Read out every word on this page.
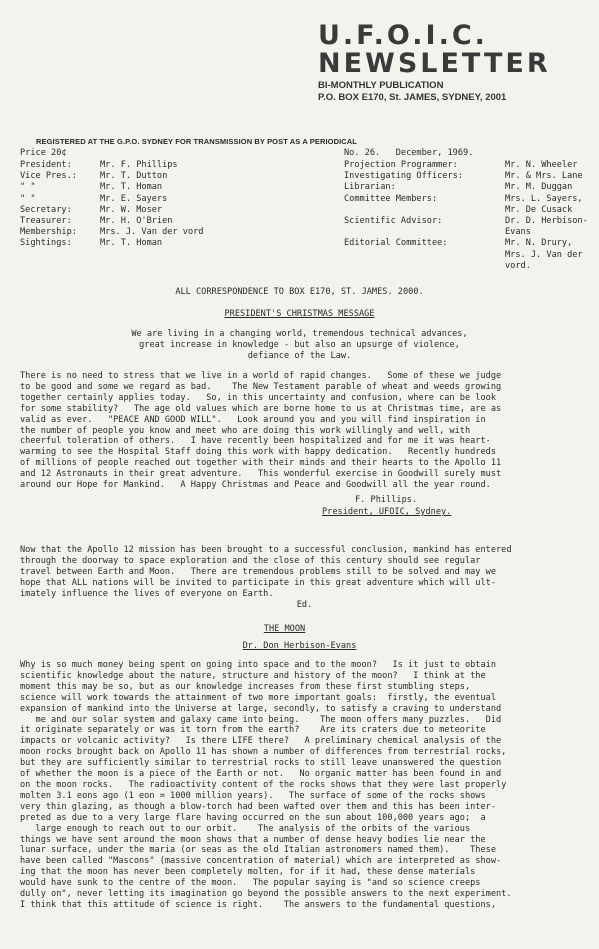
U.F.O.I.C.
NEWSLETTER
BI-MONTHLY PUBLICATION
P.O. BOX E170, St. JAMES, SYDNEY, 2001
REGISTERED AT THE G.P.O. SYDNEY FOR TRANSMISSION BY POST AS A PERIODICAL
Price 20¢	No. 26.   December, 1969.
President:	Mr. F. Phillips
Vice Pres.:	Mr. T. Dutton
" "	Mr. T. Homan
" "	Mr. E. Sayers
Secretary:	Mr. W. Moser
Treasurer:	Mr. H. O'Brien
Membership:	Mrs. J. Van der vord
Sightings:	Mr. T. Homan
Projection Programmer:	Mr. N. Wheeler
Investigating Officers:	Mr. & Mrs. Lane
Librarian:	Mr. M. Duggan
Committee Members:	Mrs. L. Sayers,
Mr. De Cusack
Scientific Advisor:	Dr. D. Herbison-
Evans
Editorial Committee:	Mr. N. Drury,
Mrs. J. Van der
vord.
ALL CORRESPONDENCE TO BOX E170, ST. JAMES. 2000.
PRESIDENT'S CHRISTMAS MESSAGE
We are living in a changing world, tremendous technical advances,
great increase in knowledge - but also an upsurge of violence,
defiance of the Law.
There is no need to stress that we live in a world of rapid changes.   Some of these we judge
to be good and some we regard as bad.    The New Testament parable of wheat and weeds growing
together certainly applies today.   So, in this uncertainty and confusion, where can be look
for some stability?   The age old values which are borne home to us at Christmas time, are as
valid as ever.   "PEACE AND GOOD WILL".   Look around you and you will find inspiration in
the number of people you know and meet who are doing this work willingly and well, with
cheerful toleration of others.   I have recently been hospitalized and for me it was heart-
warming to see the Hospital Staff doing this work with happy dedication.   Recently hundreds
of millions of people reached out together with their minds and their hearts to the Apollo 11
and 12 Astronauts in their great adventure.   This wonderful exercise in Goodwill surely must
around our Hope for Mankind.   A Happy Christmas and Peace and Goodwill all the year round.
F. Phillips.
President, UFOIC, Sydney.
Now that the Apollo 12 mission has been brought to a successful conclusion, mankind has entered
through the doorway to space exploration and the close of this century should see regular
travel between Earth and Moon.   There are tremendous problems still to be solved and may we
hope that ALL nations will be invited to participate in this great adventure which will ult-
imately influence the lives of everyone on Earth.
Ed.
THE MOON
Dr. Don Herbison-Evans
Why is so much money being spent on going into space and to the moon?   Is it just to obtain
scientific knowledge about the nature, structure and history of the moon?   I think at the
moment this may be so, but as our knowledge increases from these first stumbling steps,
science will work towards the attainment of two more important goals:  firstly, the eventual
expansion of mankind into the Universe at large, secondly, to satisfy a craving to understand
me and our solar system and galaxy came into being.    The moon offers many puzzles.   Did
it originate separately or was it torn from the earth?    Are its craters due to meteorite
impacts or volcanic activity?   Is there LIFE there?   A preliminary chemical analysis of the
moon rocks brought back on Apollo 11 has shown a number of differences from terrestrial rocks,
but they are sufficiently similar to terrestrial rocks to still leave unanswered the question
of whether the moon is a piece of the Earth or not.   No organic matter has been found in and
on the moon rocks.   The radioactivity content of the rocks shows that they were last properly
molten 3.1 eons ago (1 eon = 1000 million years).   The surface of some of the rocks shows
very thin glazing, as though a blow-torch had been wafted over them and this has been inter-
preted as due to a very large flare having occurred on the sun about 100,000 years ago;  a
large enough to reach out to our orbit.    The analysis of the orbits of the various
things we have sent around the moon shows that a number of dense heavy bodies lie near the
lunar surface, under the maria (or seas as the old Italian astronomers named them).    These
have been called "Mascons" (massive concentration of material) which are interpreted as show-
ing that the moon has never been completely molten, for if it had, these dense materials
would have sunk to the centre of the moon.   The popular saying is "and so science creeps
dully on", never letting its imagination go beyond the possible answers to the next experiment.
I think that this attitude of science is right.    The answers to the fundamental questions,
